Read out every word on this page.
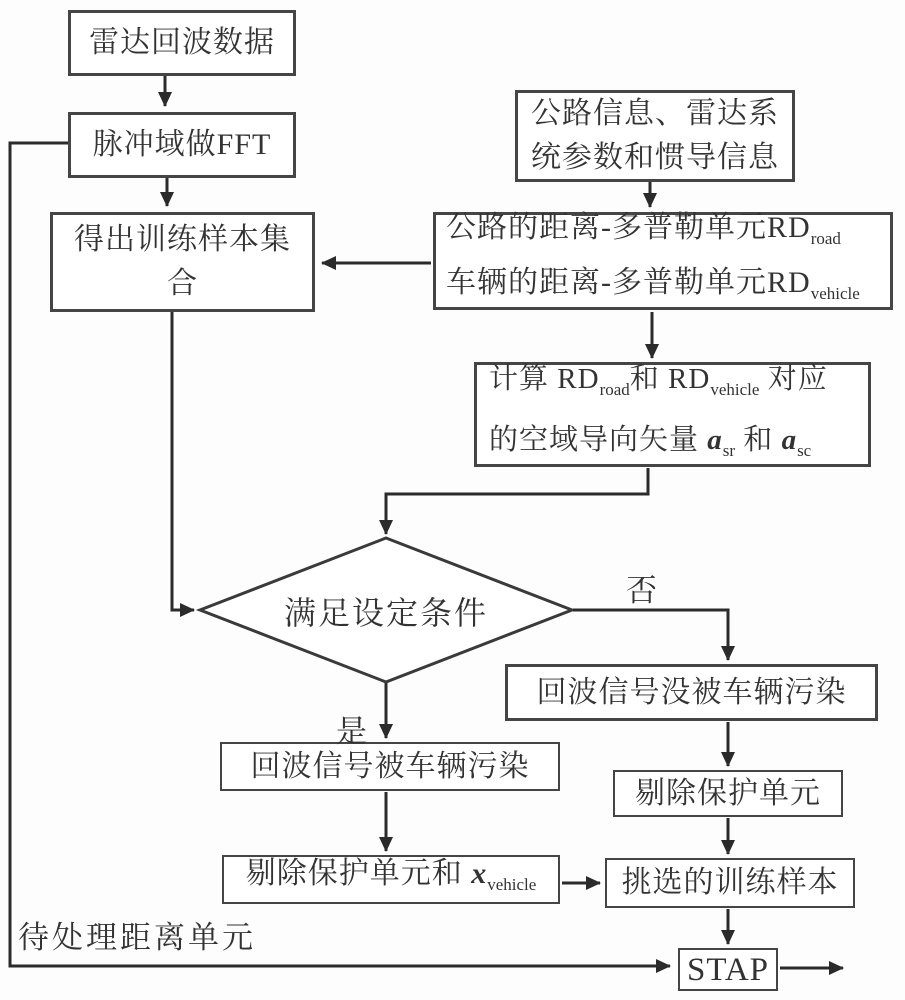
雷达回波数据
脉冲域做FFT
得出训练样本集合
公路信息、雷达系统参数和惯导信息
公路的距离-多普勒单元$RD_{road}$
车辆的距离-多普勒单元$RD_{vehicle}$
计算 $RD_{road}$和 $RD_{vehicle}$ 对应
的空域导向矢量 $a_{sr}$ 和 $a_{sc}$
满足设定条件
是
否
回波信号被车辆污染
回波信号没被车辆污染
剔除保护单元
剔除保护单元和 $x_{vehicle}$	挑选的训练样本
STAP
待处理距离单元
